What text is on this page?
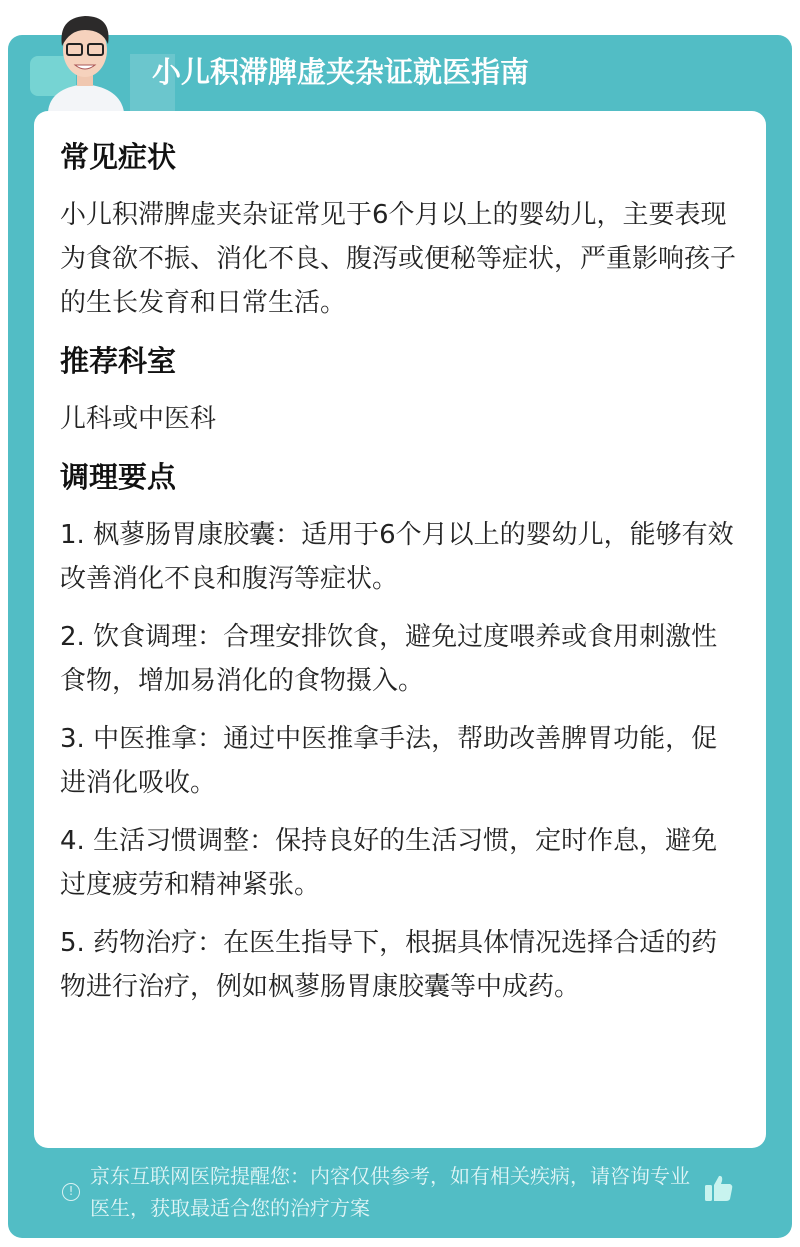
小儿积滞脾虚夹杂证就医指南
常见症状

小儿积滞脾虚夹杂证常见于6个月以上的婴幼儿，主要表现为食欲不振、消化不良、腹泻或便秘等症状，严重影响孩子的生长发育和日常生活。

推荐科室

儿科或中医科

调理要点

1. 枫蓼肠胃康胶囊：适用于6个月以上的婴幼儿，能够有效改善消化不良和腹泻等症状。

2. 饮食调理：合理安排饮食，避免过度喂养或食用刺激性食物，增加易消化的食物摄入。

3. 中医推拿：通过中医推拿手法，帮助改善脾胃功能，促进消化吸收。

4. 生活习惯调整：保持良好的生活习惯，定时作息，避免过度疲劳和精神紧张。

5. 药物治疗：在医生指导下，根据具体情况选择合适的药物进行治疗，例如枫蓼肠胃康胶囊等中成药。

!
京东互联网医院提醒您：内容仅供参考，如有相关疾病，请咨询专业医生，获取最适合您的治疗方案
